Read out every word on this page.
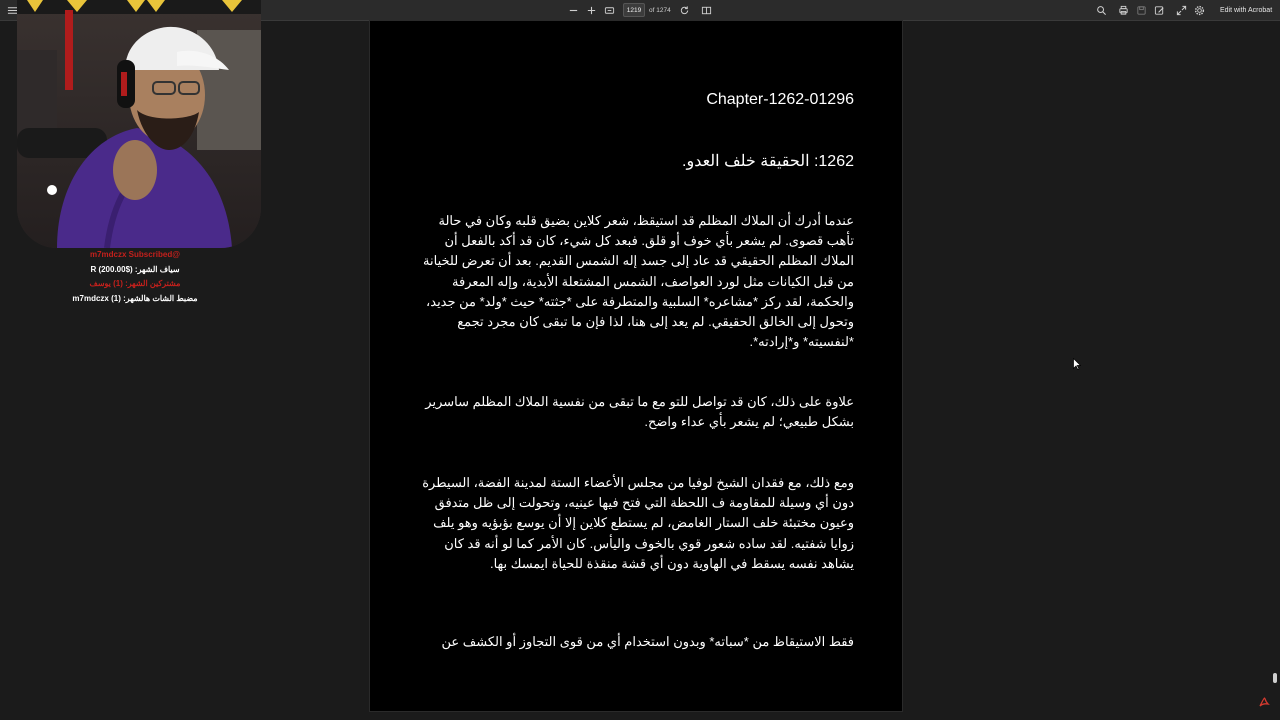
1219
of 1274	Edit with Acrobat
Chapter-1262-01296
1262: الحقيقة خلف العدو.
عندما أدرك أن الملاك المظلم قد استيقظ، شعر كلاين بضيق قلبه وكان في حالة تأهب قصوى. لم يشعر بأي خوف أو قلق. فبعد كل شيء، كان قد أكد بالفعل أن الملاك المظلم الحقيقي قد عاد إلى جسد إله الشمس القديم. بعد أن تعرض للخيانة من قبل الكيانات مثل لورد العواصف، الشمس المشتعلة الأبدية، وإله المعرفة والحكمة، لقد ركز *مشاعره* السلبية والمتطرفة على *جثته* حيث *ولد* من جديد، وتحول إلى الخالق الحقيقي. لم يعد إلى هنا، لذا فإن ما تبقى كان مجرد تجمع *لنفسيته* و*إرادته*.
علاوة على ذلك، كان قد تواصل للتو مع ما تبقى من نفسية الملاك المظلم ساسرير بشكل طبيعي؛ لم يشعر بأي عداء واضح.
ومع ذلك، مع فقدان الشيخ لوفيا من مجلس الأعضاء الستة لمدينة الفضة، السيطرة دون أي وسيلة للمقاومة ف اللحظة التي فتح فيها عينيه، وتحولت إلى ظل متدفق وعيون مختبئة خلف الستار الغامض، لم يستطع كلاين إلا أن يوسع بؤبؤيه وهو يلف زوايا شفتيه. لقد ساده شعور قوي بالخوف واليأس. كان الأمر كما لو أنه قد كان يشاهد نفسه يسقط في الهاوية دون أي قشة منقذة للحياة ايمسك بها.
فقط الاستيقاظ من *سباته* وبدون استخدام أي من قوى التجاوز أو الكشف عن
@m7mdczx Subscribed
سياف الشهر: ($200.00) R
مشتركين الشهر: (1) يوسف
مضبط الشات هالشهر: (1) m7mdczx
